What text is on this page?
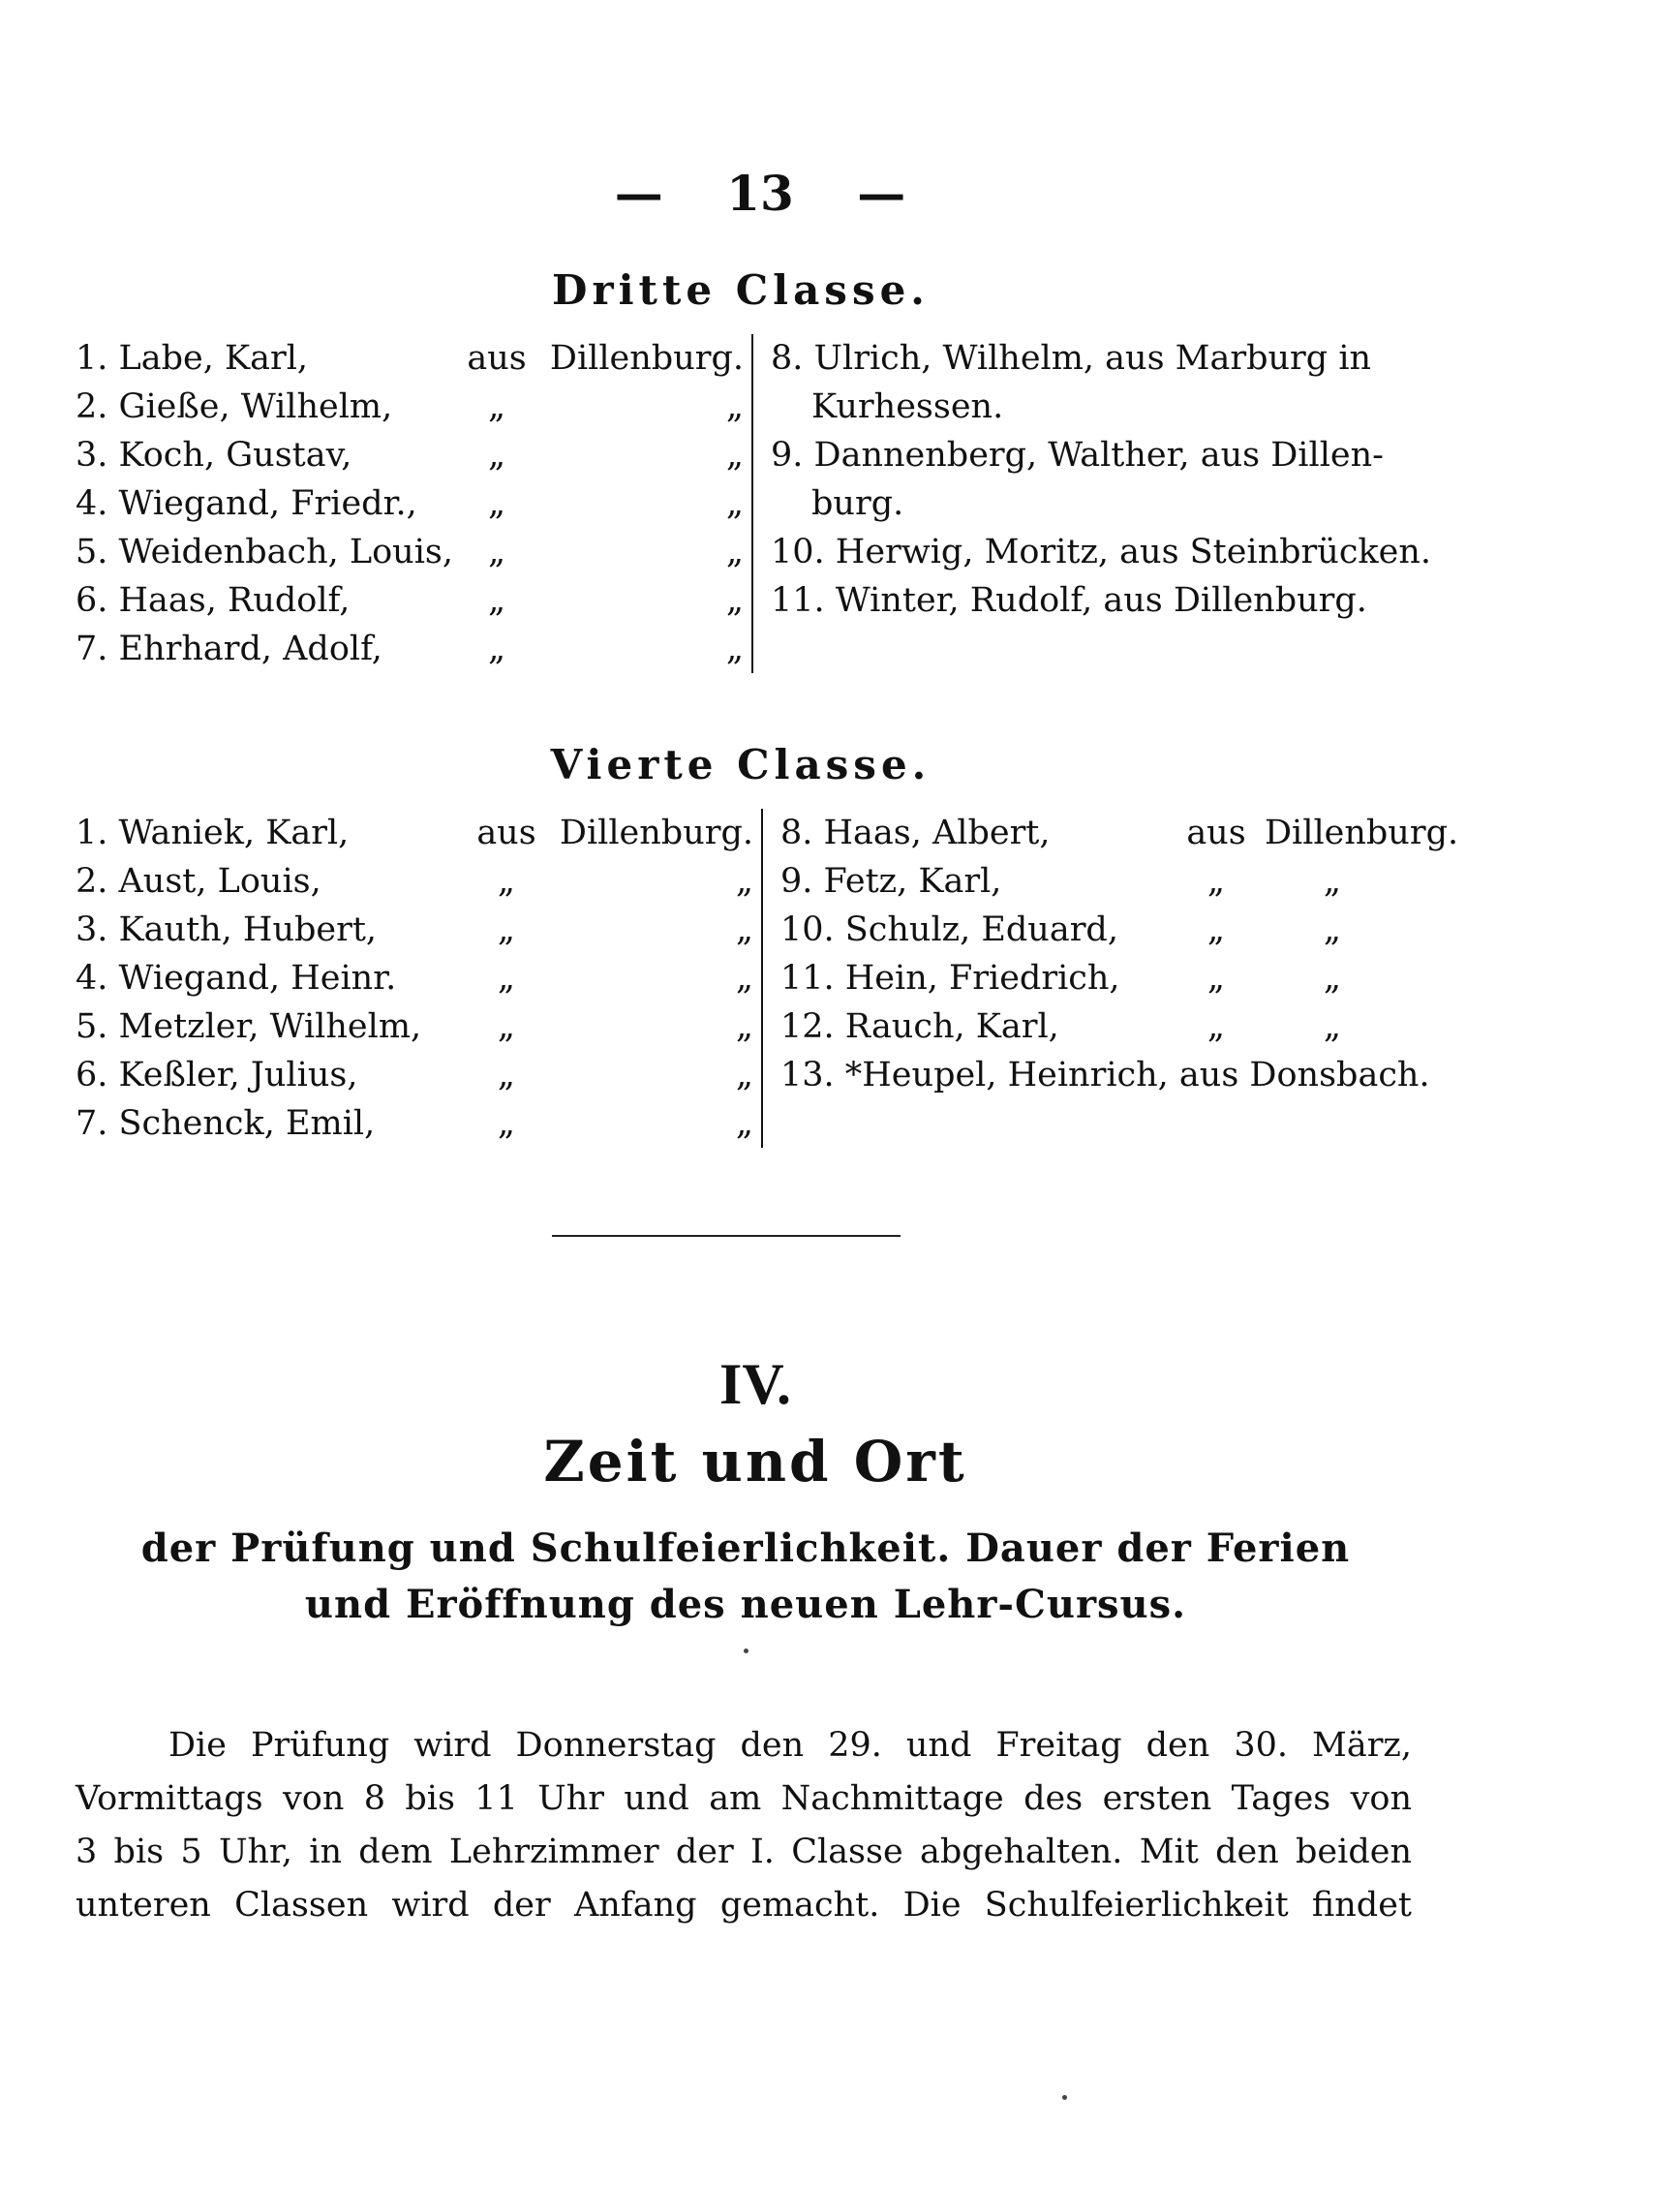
— 13 —
Dritte Classe.
1. Labe, Karl,	aus Dillenburg.
2. Gieße, Wilhelm,	„	„
3. Koch, Gustav,	„	„
4. Wiegand, Friedr.,	„	„
5. Weidenbach, Louis,	„	„
6. Haas, Rudolf,	„	„
7. Ehrhard, Adolf,	„	„

8. Ulrich, Wilhelm, aus Marburg in
Kurhessen.
9. Dannenberg, Walther, aus Dillen-
burg.
10. Herwig, Moritz, aus Steinbrücken.
11. Winter, Rudolf, aus Dillenburg.
Vierte Classe.
1. Waniek, Karl,	aus Dillenburg.
2. Aust, Louis,	„	„
3. Kauth, Hubert,	„	„
4. Wiegand, Heinr.	„	„
5. Metzler, Wilhelm,	„	„
6. Keßler, Julius,	„	„
7. Schenck, Emil,	„	„

8. Haas, Albert,	aus Dillenburg.
9. Fetz, Karl,	„	„
10. Schulz, Eduard,	„	„
11. Hein, Friedrich,	„	„
12. Rauch, Karl,	„	„
13. *Heupel, Heinrich, aus Donsbach.
IV.
Zeit und Ort
der Prüfung und Schulfeierlichkeit. Dauer der Ferien
und Eröffnung des neuen Lehr-Cursus.
Die Prüfung wird Donnerstag den 29. und Freitag den 30. März,
Vormittags von 8 bis 11 Uhr und am Nachmittage des ersten Tages von
3 bis 5 Uhr, in dem Lehrzimmer der I. Classe abgehalten. Mit den beiden
unteren Classen wird der Anfang gemacht. Die Schulfeierlichkeit findet
